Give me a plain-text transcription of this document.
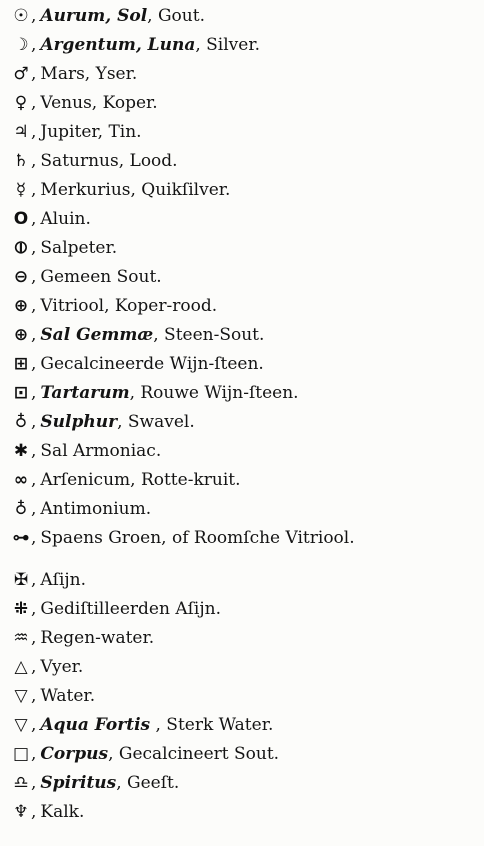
☉ , Aurum, Sol, Gout.
☽ , Argentum, Luna, Silver.
♂ , Mars, Yser.
♀ , Venus, Koper.
♃ , Jupiter, Tin.
♄ , Saturnus, Lood.
☿ , Merkurius, Quikſilver.
O , Aluin.
⦶ , Salpeter.
⊖ , Gemeen Sout.
⊕ , Vitriool, Koper-rood.
⊕ , Sal Gemmæ, Steen-Sout.
⊞ , Gecalcineerde Wijn-ſteen.
⊡ , Tartarum, Rouwe Wijn-ſteen.
♁ , Sulphur, Swavel.
✱ , Sal Armoniac.
∞ , Arſenicum, Rotte-kruit.
♁ , Antimonium.
⊶, Spaens Groen, of Roomſche Vitriool.
✠ , Aſijn.
⁜ , Gediſtilleerden Aſijn.
♒ , Regen-water.
△ , Vyer.
▽ , Water.
▽ , Aqua Fortis , Sterk Water.
□ , Corpus, Gecalcineert Sout.
♎ , Spiritus, Geeſt.
♆ , Kalk.
